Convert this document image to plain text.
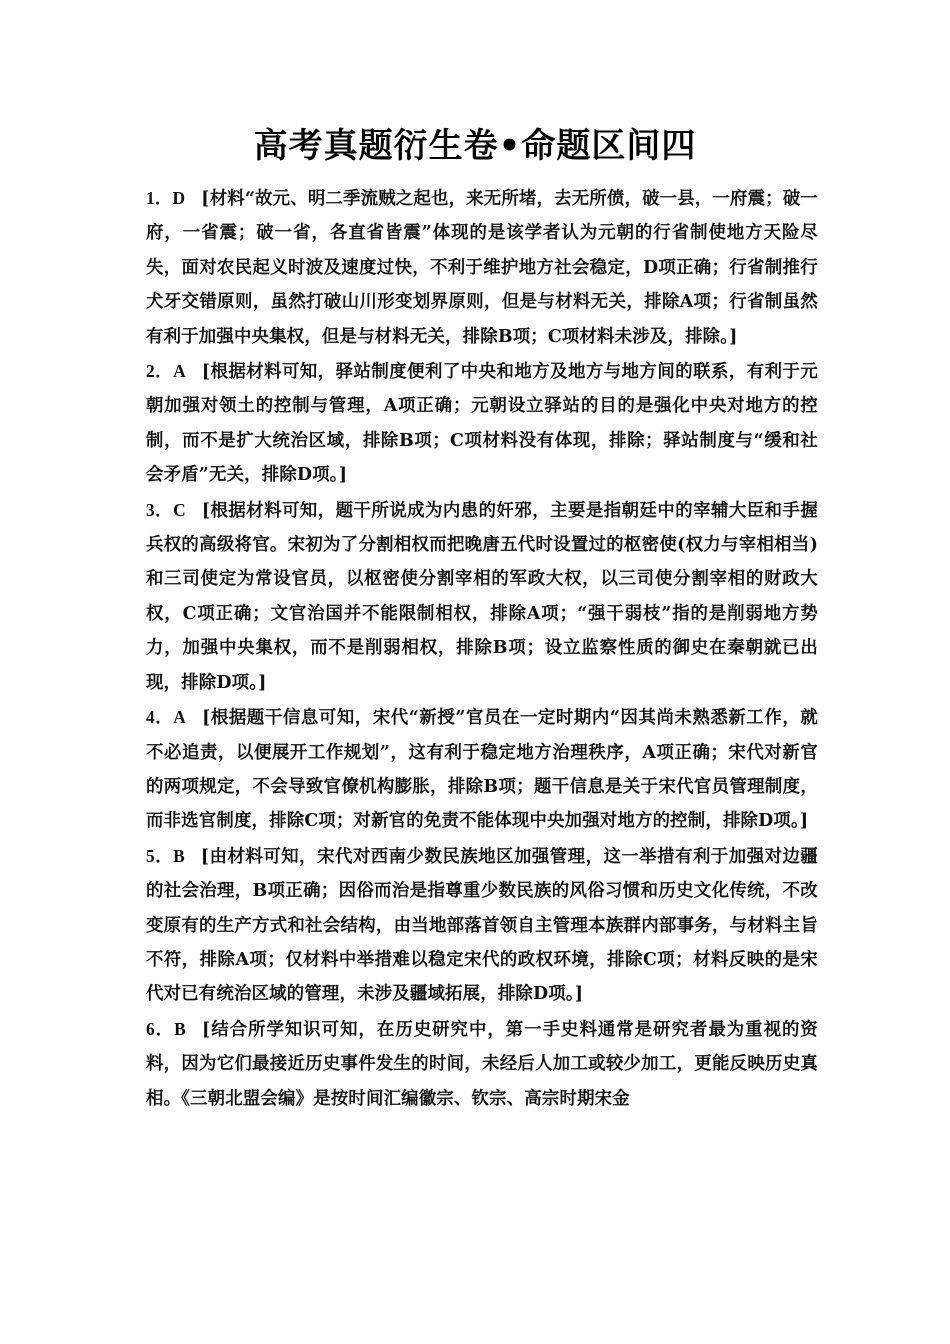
高考真题衍生卷•命题区间四

1．D [材料“故元、明二季流贼之起也，来无所堵，去无所偾，破一县，一府震；破一府，一省震；破一省，各直省皆震”体现的是该学者认为元朝的行省制使地方天险尽失，面对农民起义时波及速度过快，不利于维护地方社会稳定，D项正确；行省制推行犬牙交错原则，虽然打破山川形变划界原则，但是与材料无关，排除A项；行省制虽然有利于加强中央集权，但是与材料无关，排除B项；C项材料未涉及，排除。]

2．A [根据材料可知，驿站制度便利了中央和地方及地方与地方间的联系，有利于元朝加强对领土的控制与管理，A项正确；元朝设立驿站的目的是强化中央对地方的控制，而不是扩大统治区域，排除B项；C项材料没有体现，排除；驿站制度与“缓和社会矛盾”无关，排除D项。]

3．C [根据材料可知，题干所说成为内患的奸邪，主要是指朝廷中的宰辅大臣和手握兵权的高级将官。宋初为了分割相权而把晚唐五代时设置过的枢密使(权力与宰相相当)和三司使定为常设官员，以枢密使分割宰相的军政大权，以三司使分割宰相的财政大权，C项正确；文官治国并不能限制相权，排除A项；“强干弱枝”指的是削弱地方势力，加强中央集权，而不是削弱相权，排除B项；设立监察性质的御史在秦朝就已出现，排除D项。]

4．A [根据题干信息可知，宋代“新授”官员在一定时期内“因其尚未熟悉新工作，就不必追责，以便展开工作规划”，这有利于稳定地方治理秩序，A项正确；宋代对新官的两项规定，不会导致官僚机构膨胀，排除B项；题干信息是关于宋代官员管理制度，而非选官制度，排除C项；对新官的免责不能体现中央加强对地方的控制，排除D项。]

5．B [由材料可知，宋代对西南少数民族地区加强管理，这一举措有利于加强对边疆的社会治理，B项正确；因俗而治是指尊重少数民族的风俗习惯和历史文化传统，不改变原有的生产方式和社会结构，由当地部落首领自主管理本族群内部事务，与材料主旨不符，排除A项；仅材料中举措难以稳定宋代的政权环境，排除C项；材料反映的是宋代对已有统治区域的管理，未涉及疆域拓展，排除D项。]

6．B [结合所学知识可知，在历史研究中，第一手史料通常是研究者最为重视的资料，因为它们最接近历史事件发生的时间，未经后人加工或较少加工，更能反映历史真相。《三朝北盟会编》是按时间汇编徽宗、钦宗、高宗时期宋金
